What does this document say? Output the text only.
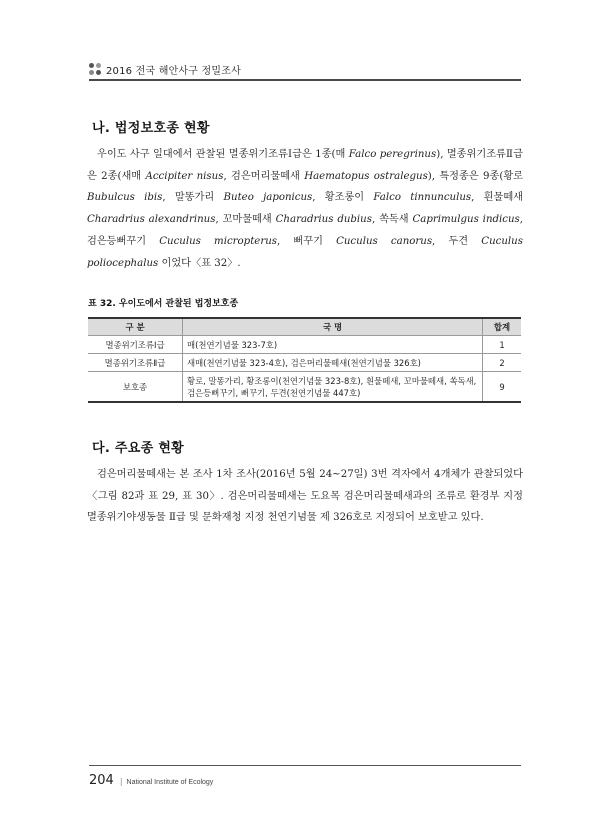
2016 전국 해안사구 정밀조사
나. 법정보호종 현황
우이도 사구 일대에서 관찰된 멸종위기조류Ⅰ급은 1종(매 Falco peregrinus), 멸종위기조류Ⅱ급은 2종(새매 Accipiter nisus, 검은머리물떼새 Haematopus ostralegus), 특정종은 9종(황로 Bubulcus ibis, 말똥가리 Buteo japonicus, 황조롱이 Falco tinnunculus, 흰물떼새 Charadrius alexandrinus, 꼬마물떼새 Charadrius dubius, 쏙독새 Caprimulgus indicus, 검은등뻐꾸기 Cuculus micropterus, 뻐꾸기 Cuculus canorus, 두견 Cuculus poliocephalus 이었다〈표 32〉.
표 32. 우이도에서 관찰된 법정보호종
구 분	국 명	합계
멸종위기조류Ⅰ급	매(천연기념물 323-7호)	1
멸종위기조류Ⅱ급	새매(천연기념물 323-4호), 검은머리물떼새(천연기념물 326호)	2
보호종	황로, 말똥가리, 황조롱이(천연기념물 323-8호), 흰물떼새, 꼬마물떼새, 쏙독새, 검은등뻐꾸기, 뻐꾸기, 두견(천연기념물 447호)	9
다. 주요종 현황
검은머리물떼새는 본 조사 1차 조사(2016년 5월 24~27일) 3번 격자에서 4개체가 관찰되었다〈그림 82과 표 29, 표 30〉. 검은머리물떼새는 도요목 검은머리물떼새과의 조류로 환경부 지정 멸종위기야생동물 Ⅱ급 및 문화재청 지정 천연기념물 제 326호로 지정되어 보호받고 있다.
204 | National Institute of Ecology
